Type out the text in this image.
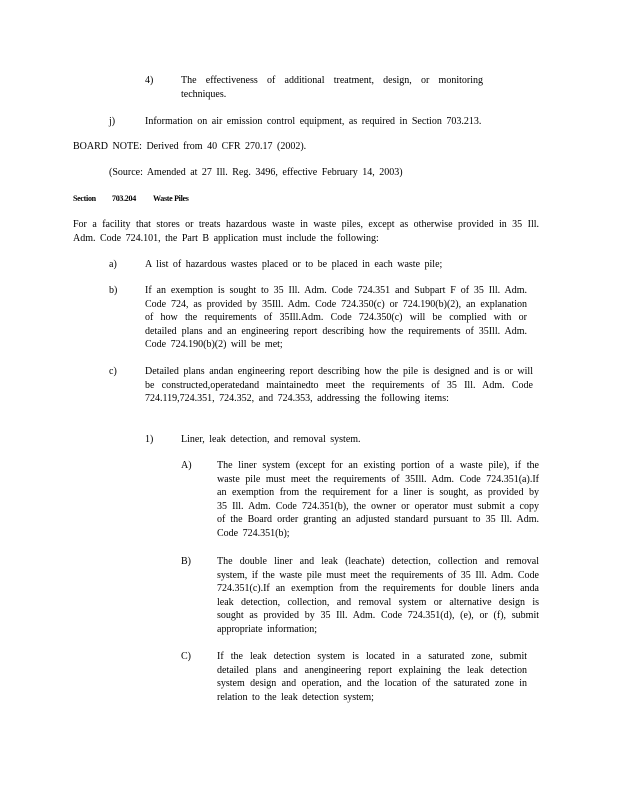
4)	The effectiveness of additional treatment, design, or monitoring techniques.
j)	Information on air emission control equipment, as required in Section 703.213.
BOARD NOTE: Derived from 40 CFR 270.17 (2002).
(Source: Amended at 27 Ill. Reg. 3496, effective February 14, 2003)
Section 703.204 Waste Piles
For a facility that stores or treats hazardous waste in waste piles, except as otherwise provided in 35 Ill. Adm. Code 724.101, the Part B application must include the following:
a)	A list of hazardous wastes placed or to be placed in each waste pile;
b)	If an exemption is sought to 35 Ill. Adm. Code 724.351 and Subpart F of 35 Ill. Adm. Code 724, as provided by 35Ill. Adm. Code 724.350(c) or 724.190(b)(2), an explanation of how the requirements of 35Ill.Adm. Code 724.350(c) will be complied with or detailed plans and an engineering report describing how the requirements of 35Ill. Adm. Code 724.190(b)(2) will be met;
c)	Detailed plans andan engineering report describing how the pile is designed and is or will be constructed,operatedand maintainedto meet the requirements of 35 Ill. Adm. Code 724.119,724.351, 724.352, and 724.353, addressing the following items:
1)	Liner, leak detection, and removal system.
A)	The liner system (except for an existing portion of a waste pile), if the waste pile must meet the requirements of 35Ill. Adm. Code 724.351(a).If an exemption from the requirement for a liner is sought, as provided by 35 Ill. Adm. Code 724.351(b), the owner or operator must submit a copy of the Board order granting an adjusted standard pursuant to 35 Ill. Adm. Code 724.351(b);
B)	The double liner and leak (leachate) detection, collection and removal system, if the waste pile must meet the requirements of 35 Ill. Adm. Code 724.351(c).If an exemption from the requirements for double liners anda leak detection, collection, and removal system or alternative design is sought as provided by 35 Ill. Adm. Code 724.351(d), (e), or (f), submit appropriate information;
C)	If the leak detection system is located in a saturated zone, submit detailed plans and anengineering report explaining the leak detection system design and operation, and the location of the saturated zone in relation to the leak detection system;
